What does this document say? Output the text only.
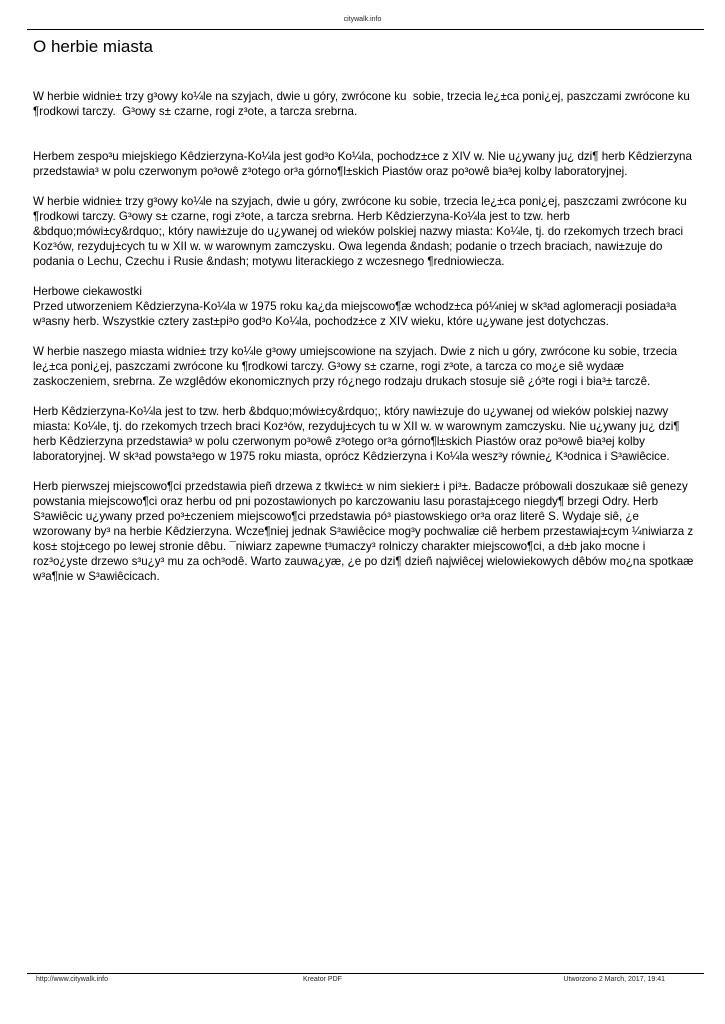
citywalk.info
O herbie miasta

W herbie widnie± trzy g³owy ko¼le na szyjach, dwie u góry, zwrócone ku  sobie, trzecia le¿±ca poni¿ej, paszczami zwrócone ku ¶rodkowi tarczy.  G³owy s± czarne, rogi z³ote, a tarcza srebrna.

Herbem zespo³u miejskiego Kêdzierzyna-Ko¼la jest god³o Ko¼la, pochodz±ce z XIV w. Nie u¿ywany ju¿ dzi¶ herb Kêdzierzyna przedstawia³ w polu czerwonym po³owê z³otego or³a górno¶l±skich Piastów oraz po³owê bia³ej kolby laboratoryjnej.

W herbie widnie± trzy g³owy ko¼le na szyjach, dwie u góry, zwrócone ku sobie, trzecia le¿±ca poni¿ej, paszczami zwrócone ku ¶rodkowi tarczy. G³owy s± czarne, rogi z³ote, a tarcza srebrna. Herb Kêdzierzyna-Ko¼la jest to tzw. herb &bdquo;mówi±cy&rdquo;, który nawi±zuje do u¿ywanej od wieków polskiej nazwy miasta: Ko¼le, tj. do rzekomych trzech braci Koz³ów, rezyduj±cych tu w XII w. w warownym zamczysku. Owa legenda &ndash; podanie o trzech braciach, nawi±zuje do podania o Lechu, Czechu i Rusie &ndash; motywu literackiego z wczesnego ¶redniowiecza.

Herbowe ciekawostki

Przed utworzeniem Kêdzierzyna-Ko¼la w 1975 roku ka¿da miejscowo¶æ wchodz±ca pó¼niej w sk³ad aglomeracji posiada³a w³asny herb. Wszystkie cztery zast±pi³o god³o Ko¼la, pochodz±ce z XIV wieku, które u¿ywane jest dotychczas.

W herbie naszego miasta widnie± trzy ko¼le g³owy umiejscowione na szyjach. Dwie z nich u góry, zwrócone ku sobie, trzecia le¿±ca poni¿ej, paszczami zwrócone ku ¶rodkowi tarczy. G³owy s± czarne, rogi z³ote, a tarcza co mo¿e siê wydaæ zaskoczeniem, srebrna. Ze wzglêdów ekonomicznych przy ró¿nego rodzaju drukach stosuje siê ¿ó³te rogi i bia³± tarczê.

Herb Kêdzierzyna-Ko¼la jest to tzw. herb &bdquo;mówi±cy&rdquo;, który nawi±zuje do u¿ywanej od wieków polskiej nazwy miasta: Ko¼le, tj. do rzekomych trzech braci Koz³ów, rezyduj±cych tu w XII w. w warownym zamczysku. Nie u¿ywany ju¿ dzi¶ herb Kêdzierzyna przedstawia³ w polu czerwonym po³owê z³otego or³a górno¶l±skich Piastów oraz po³owê bia³ej kolby laboratoryjnej. W sk³ad powsta³ego w 1975 roku miasta, oprócz Kêdzierzyna i Ko¼la wesz³y równie¿ K³odnica i S³awiêcice.

Herb pierwszej miejscowo¶ci przedstawia pieñ drzewa z tkwi±c± w nim siekier± i pi³±. Badacze próbowali doszukaæ siê genezy powstania miejscowo¶ci oraz herbu od pni pozostawionych po karczowaniu lasu porastaj±cego niegdy¶ brzegi Odry. Herb S³awiêcic u¿ywany przed po³±czeniem miejscowo¶ci przedstawia pó³ piastowskiego or³a oraz literê S. Wydaje siê, ¿e wzorowany by³ na herbie Kêdzierzyna. Wcze¶niej jednak S³awiêcice mog³y pochwaliæ ciê herbem przestawiaj±cym ¼niwiarza z kos± stoj±cego po lewej stronie dêbu. ¯niwiarz zapewne t³umaczy³ rolniczy charakter miejscowo¶ci, a d±b jako mocne i roz³o¿yste drzewo s³u¿y³ mu za och³odê. Warto zauwa¿yæ, ¿e po dzi¶ dzieñ najwiêcej wielowiekowych dêbów mo¿na spotkaæ w³a¶nie w S³awiêcicach.

http://www.citywalk.info	Kreator PDF	Utworzono 2 March, 2017, 19:41
